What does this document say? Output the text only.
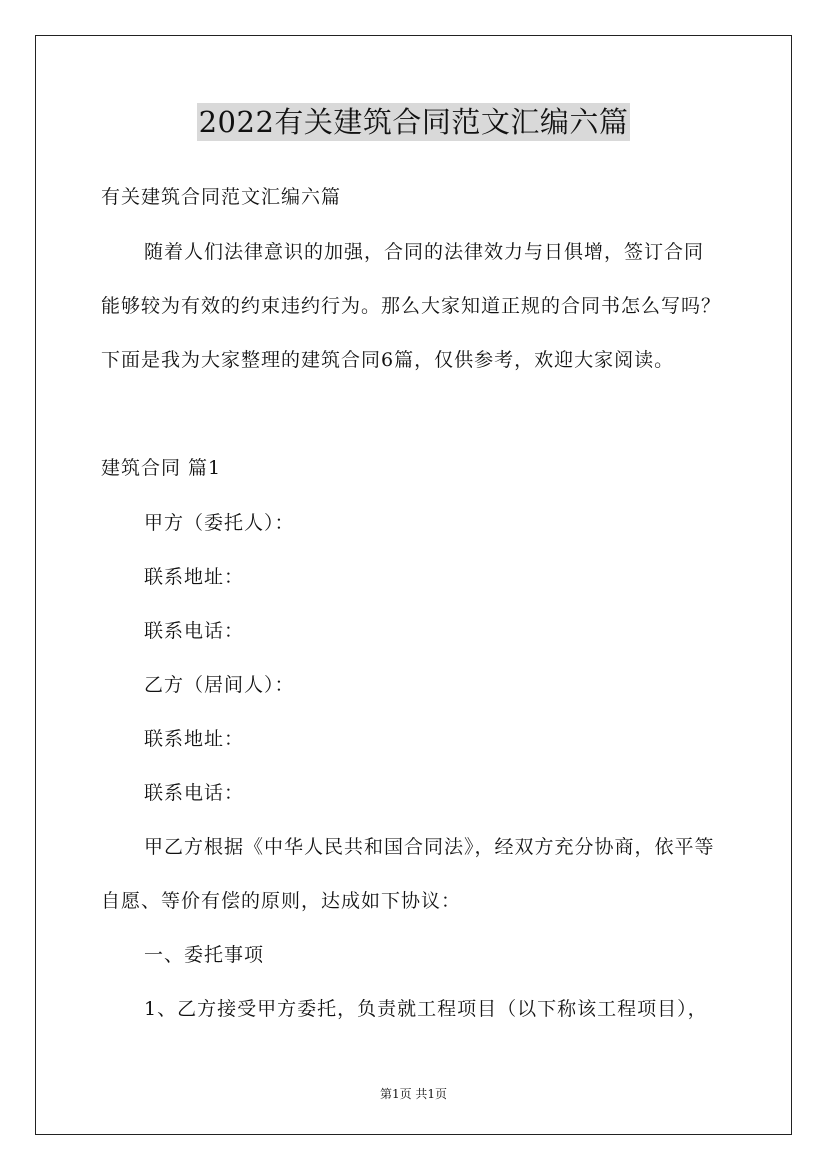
2022有关建筑合同范文汇编六篇
有关建筑合同范文汇编六篇
随着人们法律意识的加强，合同的法律效力与日俱增，签订合同
能够较为有效的约束违约行为。那么大家知道正规的合同书怎么写吗？
下面是我为大家整理的建筑合同6篇，仅供参考，欢迎大家阅读。
建筑合同 篇1
甲方（委托人）：
联系地址：
联系电话：
乙方（居间人）：
联系地址：
联系电话：
甲乙方根据《中华人民共和国合同法》，经双方充分协商，依平等
自愿、等价有偿的原则，达成如下协议：
一、委托事项
1、乙方接受甲方委托，负责就工程项目（以下称该工程项目），
第1页 共1页
